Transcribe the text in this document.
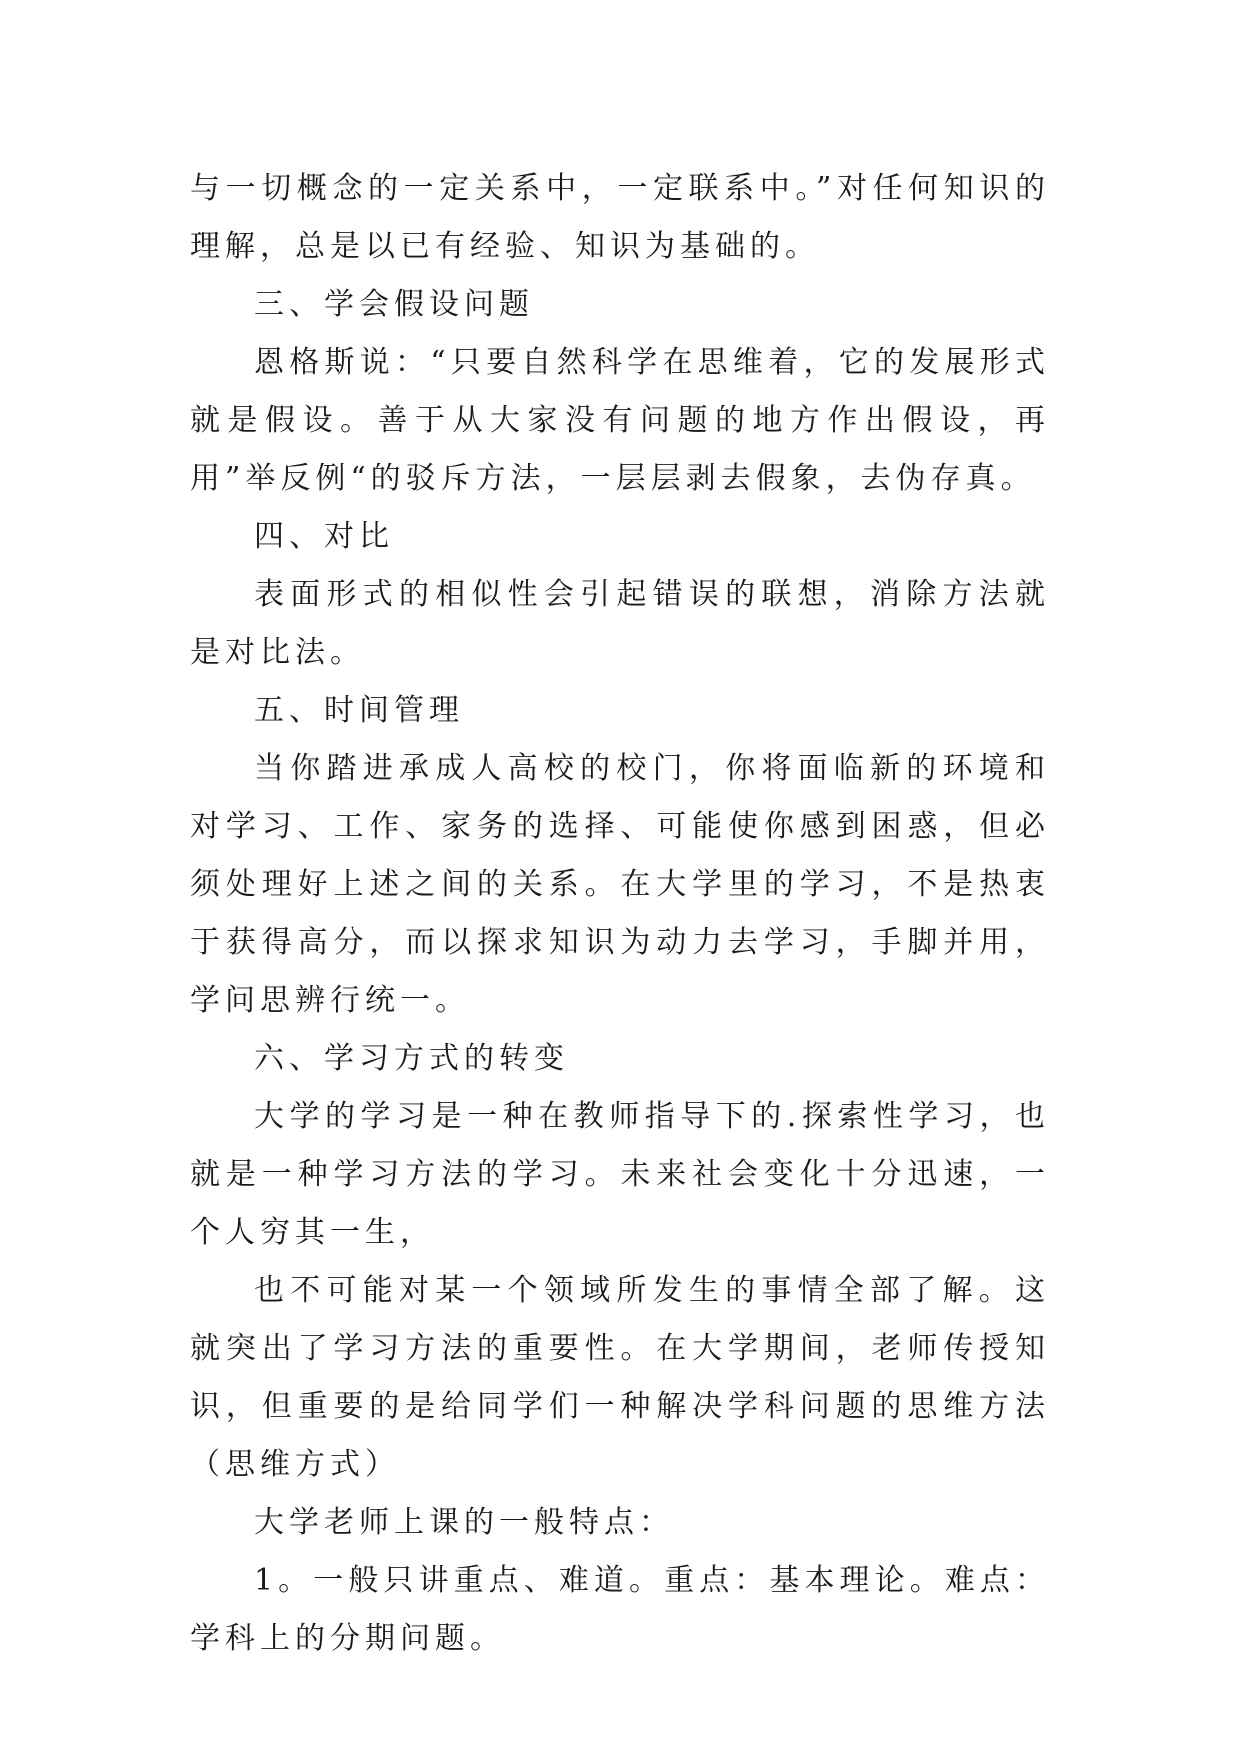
与一切概念的一定关系中，一定联系中。”对任何知识的理解，总是以已有经验、知识为基础的。

三、学会假设问题

恩格斯说：“只要自然科学在思维着，它的发展形式就是假设。善于从大家没有问题的地方作出假设，再用”举反例“的驳斥方法，一层层剥去假象，去伪存真。

四、对比

表面形式的相似性会引起错误的联想，消除方法就是对比法。

五、时间管理

当你踏进承成人高校的校门，你将面临新的环境和对学习、工作、家务的选择、可能使你感到困惑，但必须处理好上述之间的关系。在大学里的学习，不是热衷于获得高分，而以探求知识为动力去学习，手脚并用，学问思辨行统一。

六、学习方式的转变

大学的学习是一种在教师指导下的.探索性学习，也就是一种学习方法的学习。未来社会变化十分迅速，一个人穷其一生，

也不可能对某一个领域所发生的事情全部了解。这就突出了学习方法的重要性。在大学期间，老师传授知识，但重要的是给同学们一种解决学科问题的思维方法（思维方式）

大学老师上课的一般特点：

1。一般只讲重点、难道。重点：基本理论。难点：学科上的分期问题。
